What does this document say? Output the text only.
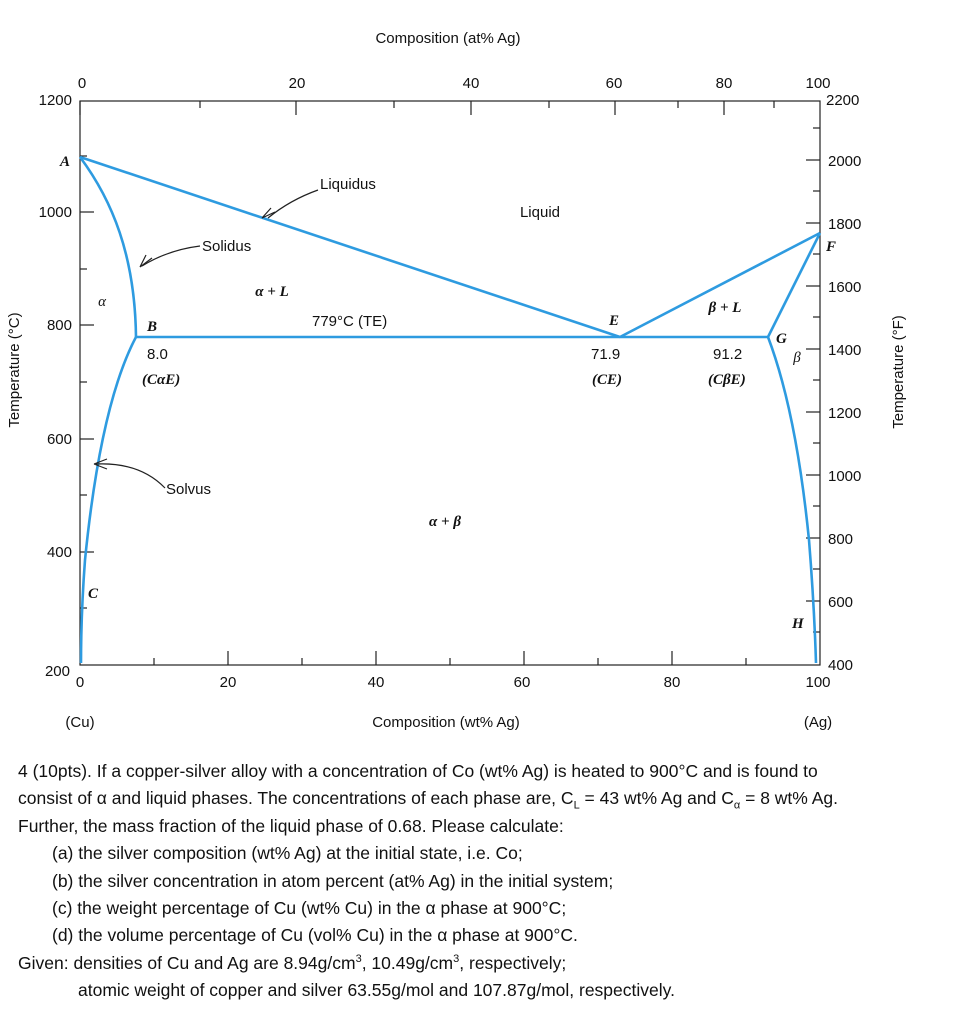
Composition (at% Ag)
Composition (wt% Ag)
Temperature (°C)	Temperature (°F)
0	20	40	60	80	100
0	20	40	60	80	100
1200
1000
800
600
400
200
2200
2000
1800
1600
1400
1200
1000
800
600
400
(Cu)	(Ag)
Liquid
α
α + L
β + L
β
α + β
Liquidus
Solidus
Solvus
A
B
C
E
F
G
H
779°C (TE)
8.0
(CαE)
71.9
(CE)
91.2
(CβE)
4 (10pts). If a copper-silver alloy with a concentration of Co (wt% Ag) is heated to 900°C and is found to
consist of α and liquid phases. The concentrations of each phase are, $C_L = 43$ wt% Ag and $C_\alpha = 8$ wt% Ag.
Further, the mass fraction of the liquid phase of 0.68. Please calculate:
(a) the silver composition (wt% Ag) at the initial state, i.e. Co;
(b) the silver concentration in atom percent (at% Ag) in the initial system;
(c) the weight percentage of Cu (wt% Cu) in the α phase at 900°C;
(d) the volume percentage of Cu (vol% Cu) in the α phase at 900°C.
Given: densities of Cu and Ag are $8.94g/cm^3$, $10.49g/cm^3$, respectively;
atomic weight of copper and silver 63.55g/mol and 107.87g/mol, respectively.
